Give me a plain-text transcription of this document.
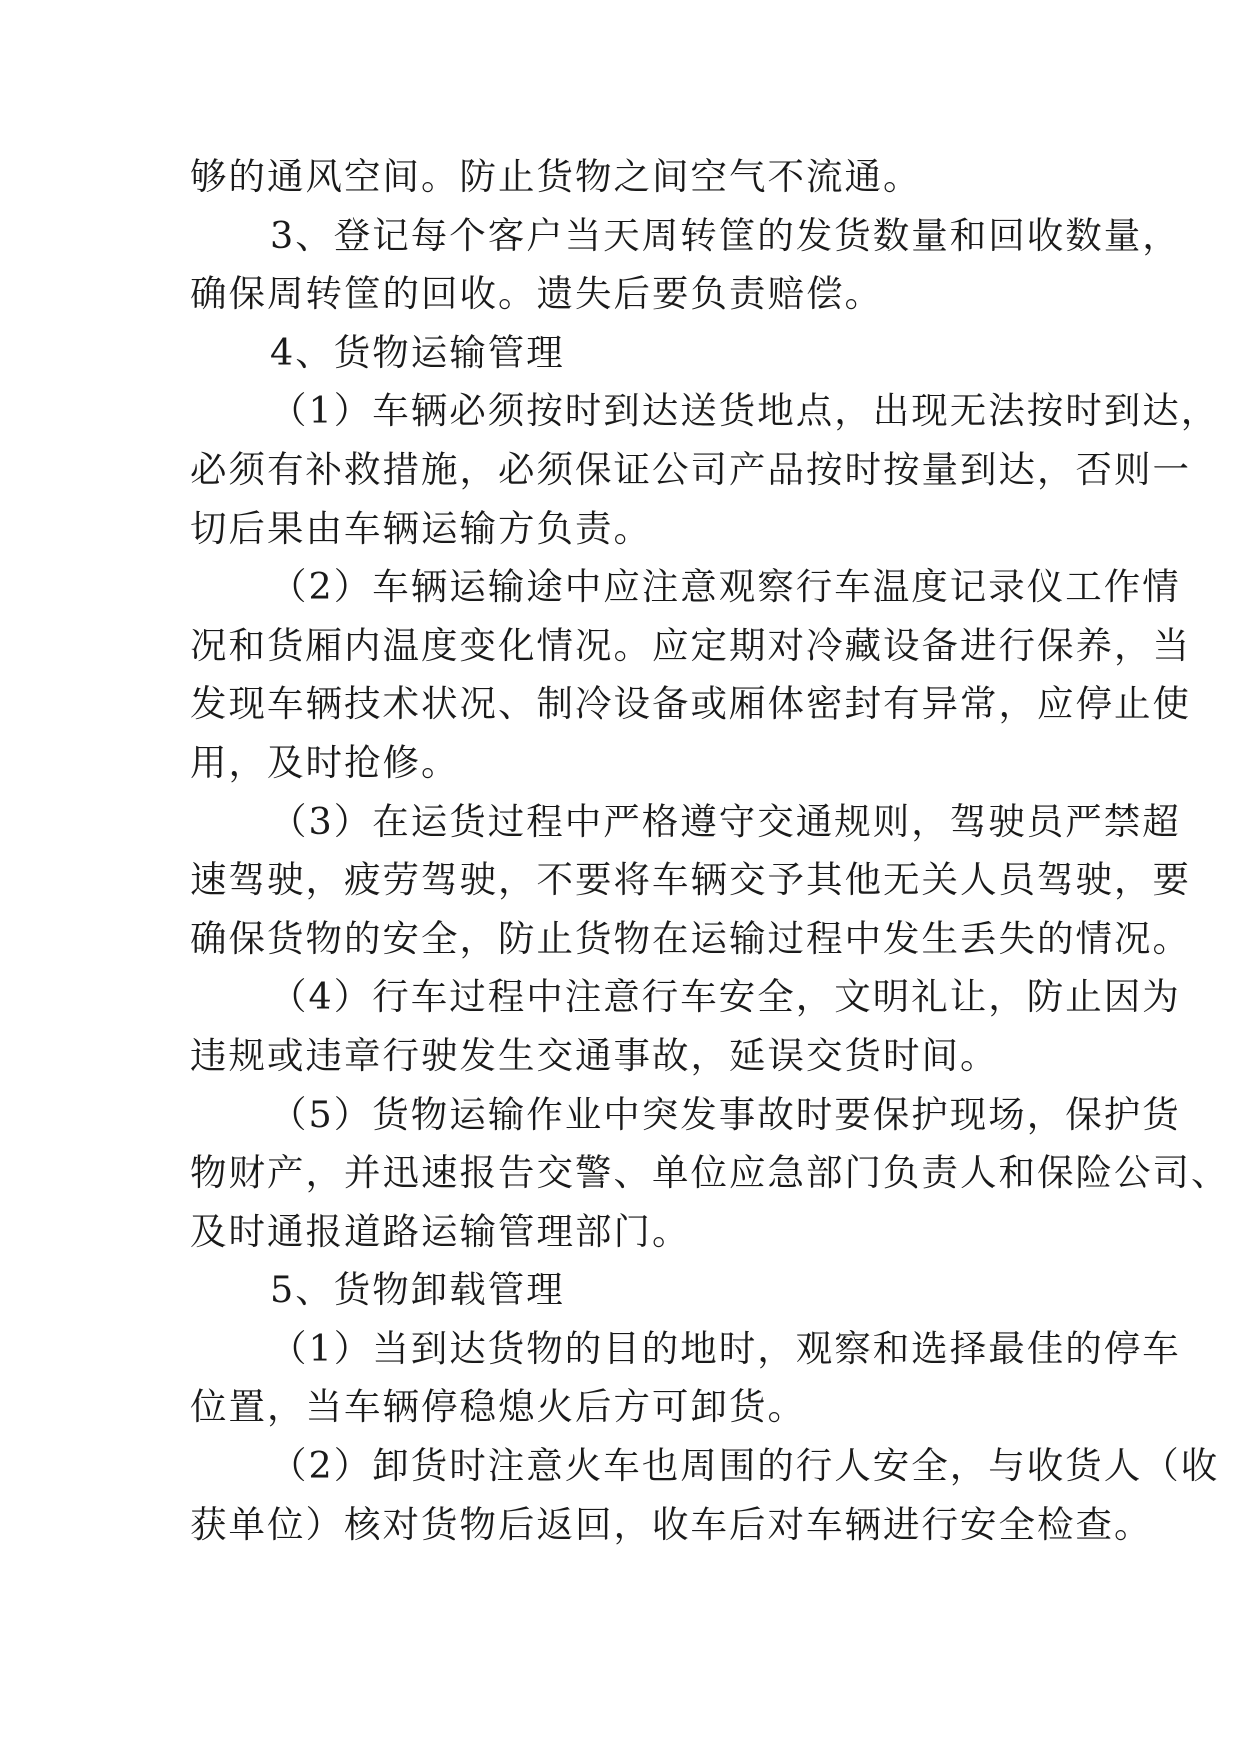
够的通风空间。防止货物之间空气不流通。
3、登记每个客户当天周转筐的发货数量和回收数量，
确保周转筐的回收。遗失后要负责赔偿。
4、货物运输管理
（1）车辆必须按时到达送货地点，出现无法按时到达，
必须有补救措施，必须保证公司产品按时按量到达，否则一
切后果由车辆运输方负责。
（2）车辆运输途中应注意观察行车温度记录仪工作情
况和货厢内温度变化情况。应定期对冷藏设备进行保养，当
发现车辆技术状况、制冷设备或厢体密封有异常，应停止使
用，及时抢修。
（3）在运货过程中严格遵守交通规则，驾驶员严禁超
速驾驶，疲劳驾驶，不要将车辆交予其他无关人员驾驶，要
确保货物的安全，防止货物在运输过程中发生丢失的情况。
（4）行车过程中注意行车安全，文明礼让，防止因为
违规或违章行驶发生交通事故，延误交货时间。
（5）货物运输作业中突发事故时要保护现场，保护货
物财产，并迅速报告交警、单位应急部门负责人和保险公司、
及时通报道路运输管理部门。
5、货物卸载管理
（1）当到达货物的目的地时，观察和选择最佳的停车
位置，当车辆停稳熄火后方可卸货。
（2）卸货时注意火车也周围的行人安全，与收货人（收
获单位）核对货物后返回，收车后对车辆进行安全检查。
